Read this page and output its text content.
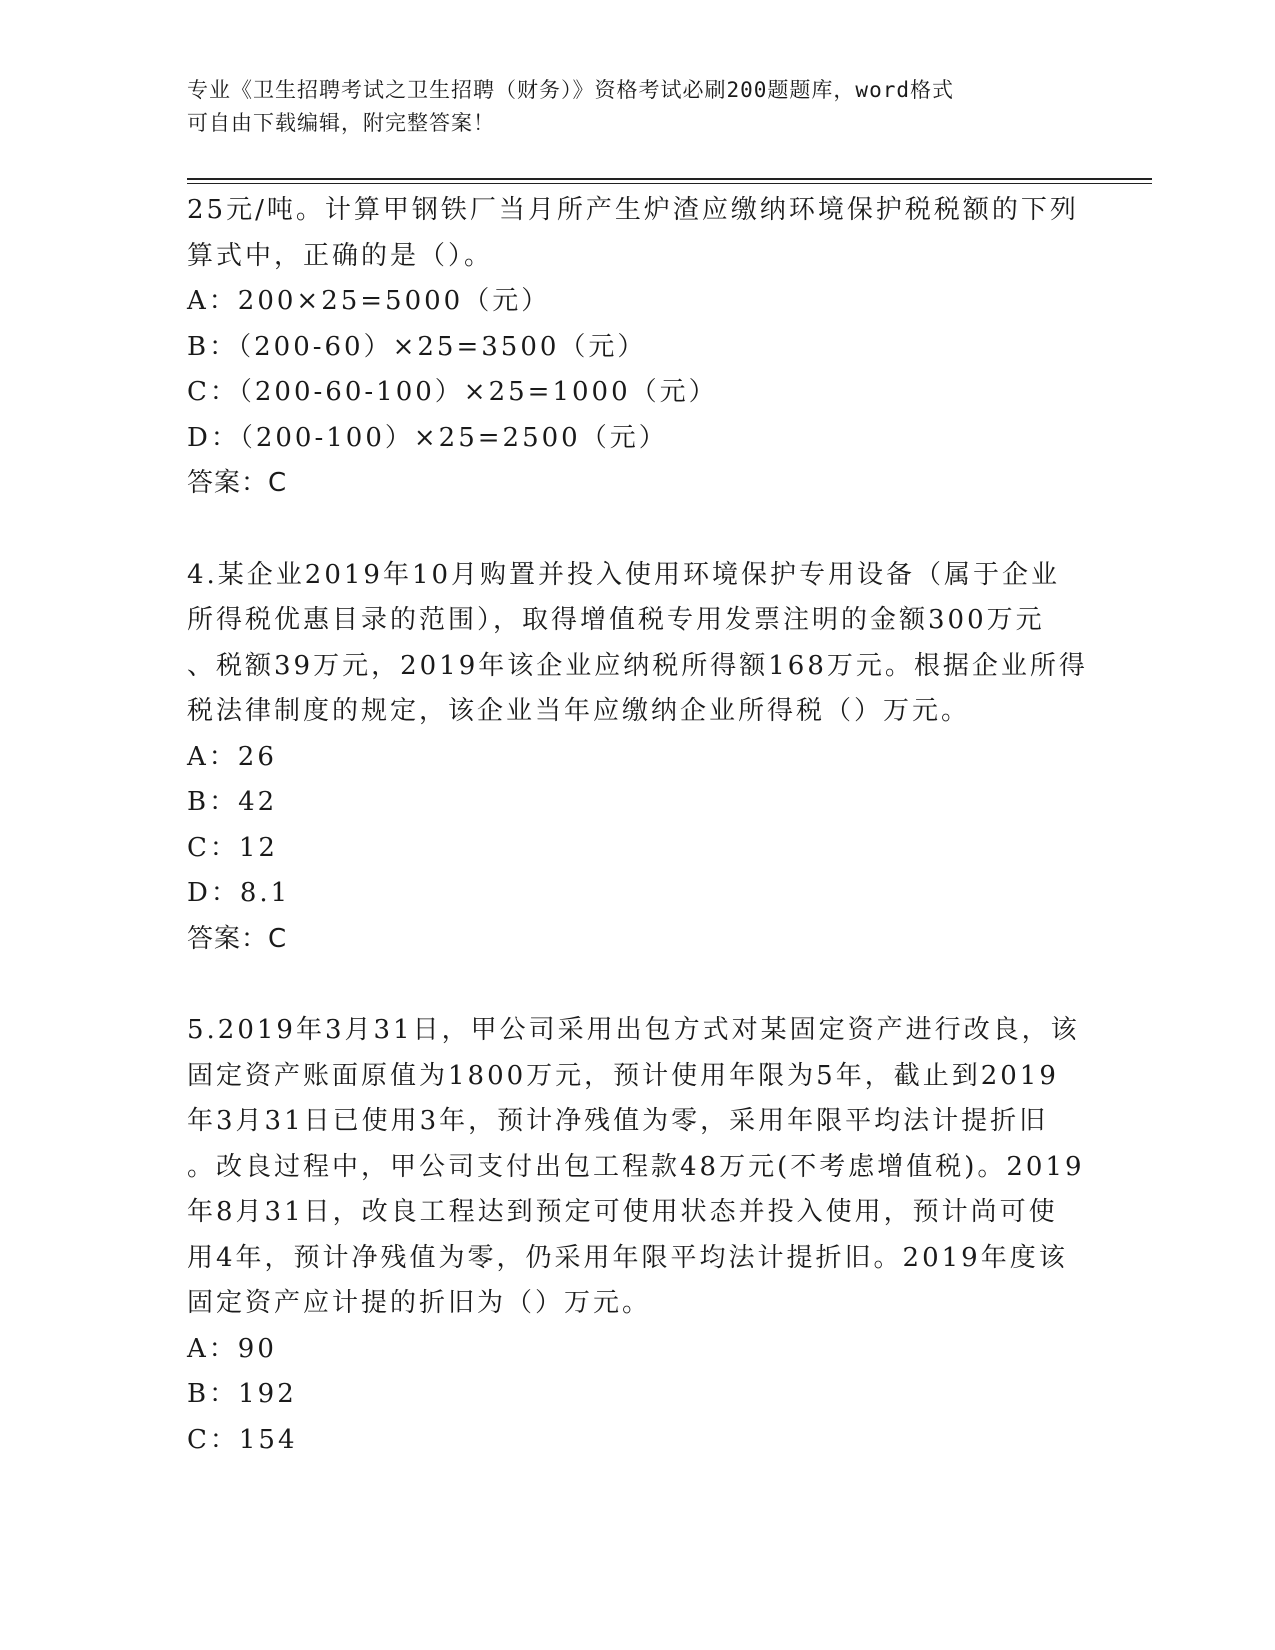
专业《卫生招聘考试之卫生招聘（财务）》资格考试必刷200题题库，word格式
可自由下载编辑，附完整答案！
25元/吨。计算甲钢铁厂当月所产生炉渣应缴纳环境保护税税额的下列
算式中，正确的是（）。
A：200×25=5000（元）
B：（200-60）×25=3500（元）
C：（200-60-100）×25=1000（元）
D：（200-100）×25=2500（元）
答案：C
4.某企业2019年10月购置并投入使用环境保护专用设备（属于企业
所得税优惠目录的范围），取得增值税专用发票注明的金额300万元
、税额39万元，2019年该企业应纳税所得额168万元。根据企业所得
税法律制度的规定，该企业当年应缴纳企业所得税（）万元。
A：26
B：42
C：12
D：8.1
答案：C
5.2019年3月31日，甲公司采用出包方式对某固定资产进行改良，该
固定资产账面原值为1800万元，预计使用年限为5年，截止到2019
年3月31日已使用3年，预计净残值为零，采用年限平均法计提折旧
。改良过程中，甲公司支付出包工程款48万元(不考虑增值税)。2019
年8月31日，改良工程达到预定可使用状态并投入使用，预计尚可使
用4年，预计净残值为零，仍采用年限平均法计提折旧。2019年度该
固定资产应计提的折旧为（）万元。
A：90
B：192
C：154
